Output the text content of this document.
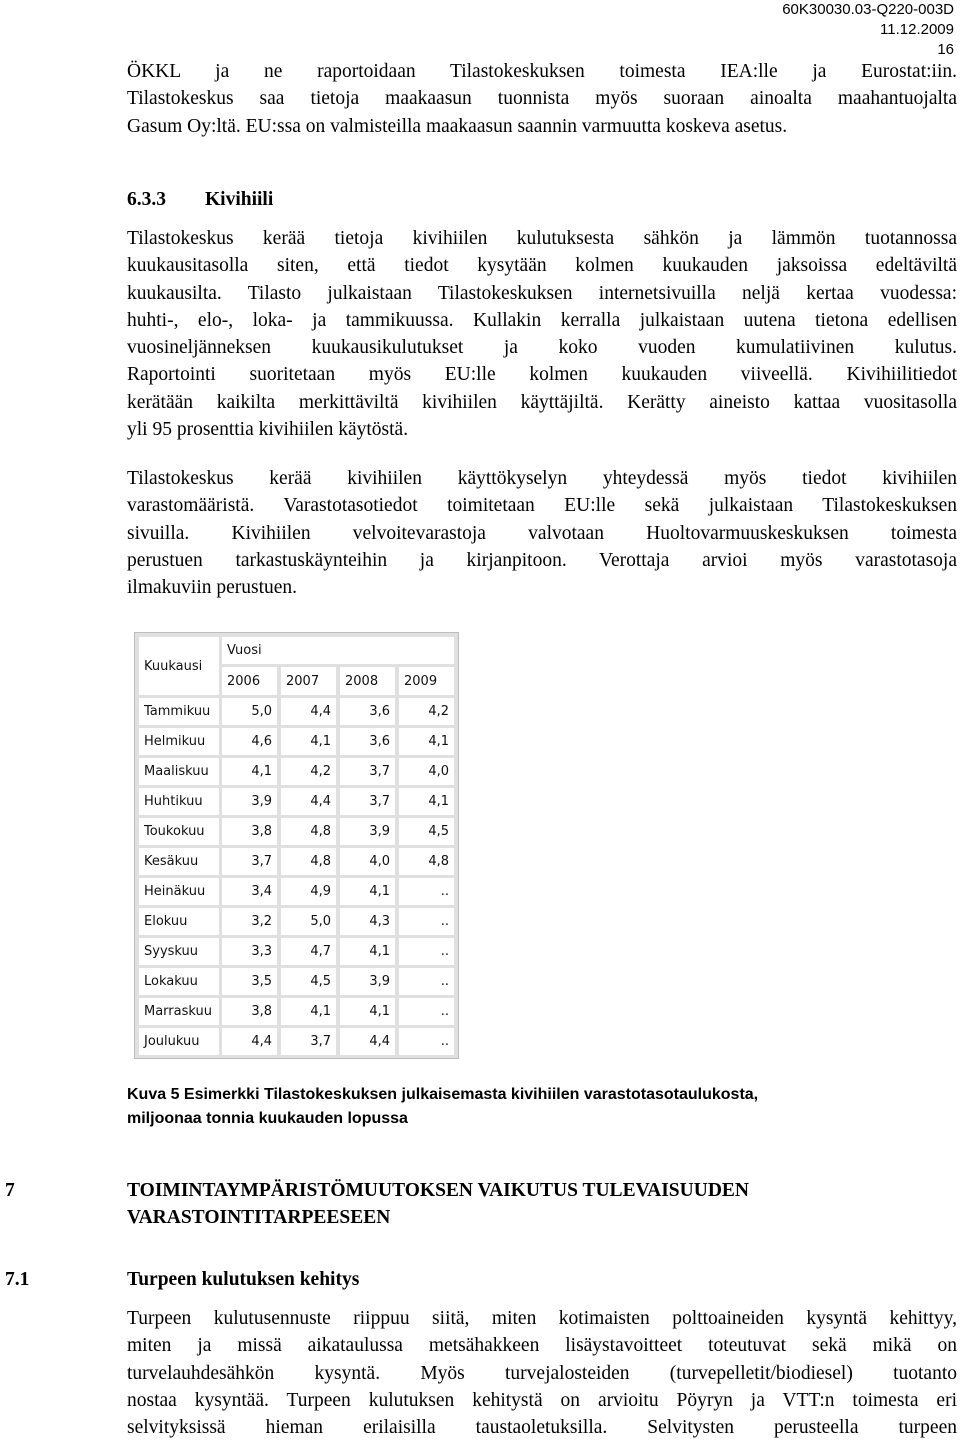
60K30030.03-Q220-003D
11.12.2009
16
ÖKKL ja ne raportoidaan Tilastokeskuksen toimesta IEA:lle ja Eurostat:iin.
Tilastokeskus saa tietoja maakaasun tuonnista myös suoraan ainoalta maahantuojalta
Gasum Oy:ltä. EU:ssa on valmisteilla maakaasun saannin varmuutta koskeva asetus.
6.3.3 Kivihiili
Tilastokeskus kerää tietoja kivihiilen kulutuksesta sähkön ja lämmön tuotannossa
kuukausitasolla siten, että tiedot kysytään kolmen kuukauden jaksoissa edeltäviltä
kuukausilta. Tilasto julkaistaan Tilastokeskuksen internetsivuilla neljä kertaa vuodessa:
huhti-, elo-, loka- ja tammikuussa. Kullakin kerralla julkaistaan uutena tietona edellisen
vuosineljänneksen kuukausikulutukset ja koko vuoden kumulatiivinen kulutus.
Raportointi suoritetaan myös EU:lle kolmen kuukauden viiveellä. Kivihiilitiedot
kerätään kaikilta merkittäviltä kivihiilen käyttäjiltä. Kerätty aineisto kattaa vuositasolla
yli 95 prosenttia kivihiilen käytöstä.
Tilastokeskus kerää kivihiilen käyttökyselyn yhteydessä myös tiedot kivihiilen
varastomääristä. Varastotasotiedot toimitetaan EU:lle sekä julkaistaan Tilastokeskuksen
sivuilla. Kivihiilen velvoitevarastoja valvotaan Huoltovarmuuskeskuksen toimesta
perustuen tarkastuskäynteihin ja kirjanpitoon. Verottaja arvioi myös varastotasoja
ilmakuviin perustuen.
Kuukausi
Vuosi
2006	2007	2008	2009
Tammikuu	5,0	4,4	3,6	4,2
Helmikuu	4,6	4,1	3,6	4,1
Maaliskuu	4,1	4,2	3,7	4,0
Huhtikuu	3,9	4,4	3,7	4,1
Toukokuu	3,8	4,8	3,9	4,5
Kesäkuu	3,7	4,8	4,0	4,8
Heinäkuu	3,4	4,9	4,1	..
Elokuu	3,2	5,0	4,3	..
Syyskuu	3,3	4,7	4,1	..
Lokakuu	3,5	4,5	3,9	..
Marraskuu	3,8	4,1	4,1	..
Joulukuu	4,4	3,7	4,4	..
Kuva 5 Esimerkki Tilastokeskuksen julkaisemasta kivihiilen varastotasotaulukosta,
miljoonaa tonnia kuukauden lopussa
7	TOIMINTAYMPÄRISTÖMUUTOKSEN VAIKUTUS TULEVAISUUDEN
VARASTOINTITARPEESEEN
7.1	Turpeen kulutuksen kehitys
Turpeen kulutusennuste riippuu siitä, miten kotimaisten polttoaineiden kysyntä kehittyy,
miten ja missä aikataulussa metsähakkeen lisäystavoitteet toteutuvat sekä mikä on
turvelauhdesähkön kysyntä. Myös turvejalosteiden (turvepelletit/biodiesel) tuotanto
nostaa kysyntää. Turpeen kulutuksen kehitystä on arvioitu Pöyryn ja VTT:n toimesta eri
selvityksissä hieman erilaisilla taustaoletuksilla. Selvitysten perusteella turpeen
